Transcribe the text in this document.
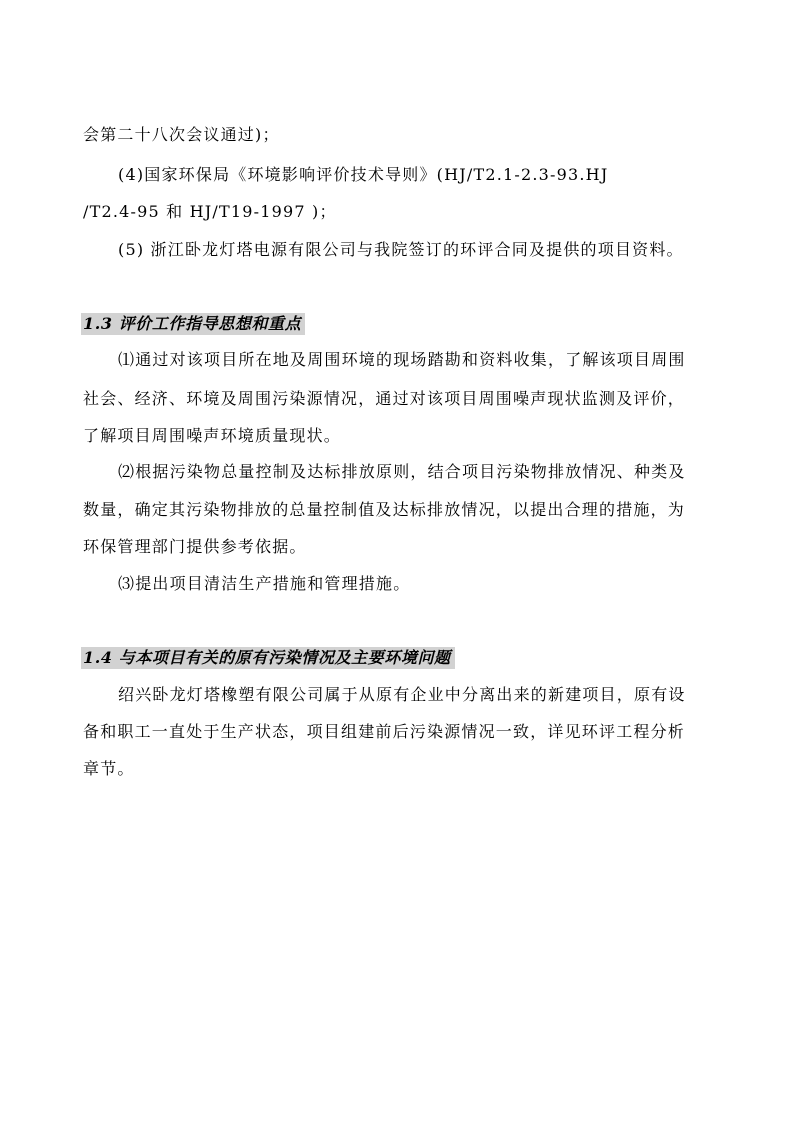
会第二十八次会议通过)；
(4)国家环保局《环境影响评价技术导则》(HJ/T2.1-2.3-93.HJ
/T2.4-95 和 HJ/T19-1997 )；
(5) 浙江卧龙灯塔电源有限公司与我院签订的环评合同及提供的项目资料。
1.3 评价工作指导思想和重点
⑴通过对该项目所在地及周围环境的现场踏勘和资料收集，了解该项目周围
社会、经济、环境及周围污染源情况，通过对该项目周围噪声现状监测及评价，
了解项目周围噪声环境质量现状。
⑵根据污染物总量控制及达标排放原则，结合项目污染物排放情况、种类及
数量，确定其污染物排放的总量控制值及达标排放情况，以提出合理的措施，为
环保管理部门提供参考依据。
⑶提出项目清洁生产措施和管理措施。
1.4 与本项目有关的原有污染情况及主要环境问题
绍兴卧龙灯塔橡塑有限公司属于从原有企业中分离出来的新建项目，原有设
备和职工一直处于生产状态，项目组建前后污染源情况一致，详见环评工程分析
章节。
